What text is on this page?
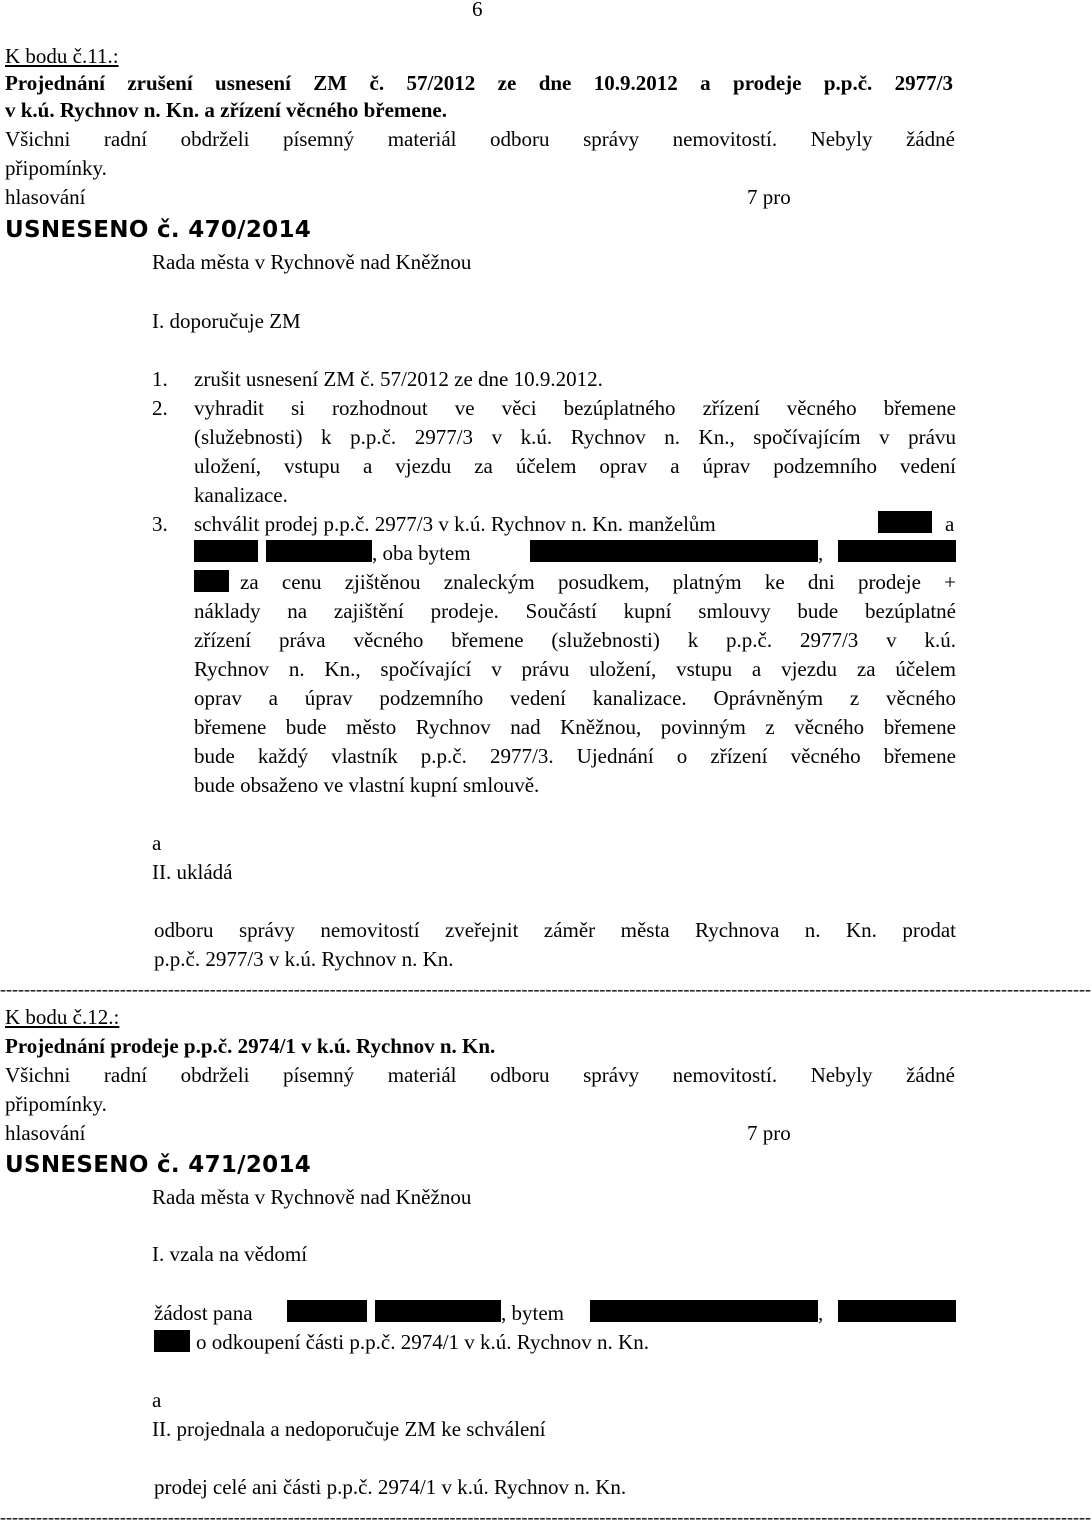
6
K bodu č.11.:
Projednání zrušení usnesení ZM č. 57/2012 ze dne 10.9.2012 a prodeje p.p.č. 2977/3
v k.ú. Rychnov n. Kn. a zřízení věcného břemene.
Všichni radní obdrželi písemný materiál odboru správy nemovitostí. Nebyly žádné
připomínky.
hlasování	7 pro
USNESENO č. 470/2014
Rada města v Rychnově nad Kněžnou
I. doporučuje ZM
1. zrušit usnesení ZM č. 57/2012 ze dne 10.9.2012.
2. vyhradit si rozhodnout ve věci bezúplatného zřízení věcného břemene
(služebnosti) k p.p.č. 2977/3 v k.ú. Rychnov n. Kn., spočívajícím v právu
uložení, vstupu a vjezdu za účelem oprav a úprav podzemního vedení
kanalizace.
3. schválit prodej p.p.č. 2977/3 v k.ú. Rychnov n. Kn. manželům	a
, oba bytem	,
za cenu zjištěnou znaleckým posudkem, platným ke dni prodeje +
náklady na zajištění prodeje. Součástí kupní smlouvy bude bezúplatné
zřízení práva věcného břemene (služebnosti) k p.p.č. 2977/3 v k.ú.
Rychnov n. Kn., spočívající v právu uložení, vstupu a vjezdu za účelem
oprav a úprav podzemního vedení kanalizace. Oprávněným z věcného
břemene bude město Rychnov nad Kněžnou, povinným z věcného břemene
bude každý vlastník p.p.č. 2977/3. Ujednání o zřízení věcného břemene
bude obsaženo ve vlastní kupní smlouvě.
a
II. ukládá
odboru správy nemovitostí zveřejnit záměr města Rychnova n. Kn. prodat
p.p.č. 2977/3 v k.ú. Rychnov n. Kn.
--------------------------------------------------------------------------------------------------------------------------------------------------------------------------------------
K bodu č.12.:
Projednání prodeje p.p.č. 2974/1 v k.ú. Rychnov n. Kn.
Všichni radní obdrželi písemný materiál odboru správy nemovitostí. Nebyly žádné
připomínky.
hlasování	7 pro
USNESENO č. 471/2014
Rada města v Rychnově nad Kněžnou
I. vzala na vědomí
žádost pana	, bytem	,
o odkoupení části p.p.č. 2974/1 v k.ú. Rychnov n. Kn.
a
II. projednala a nedoporučuje ZM ke schválení
prodej celé ani části p.p.č. 2974/1 v k.ú. Rychnov n. Kn.
--------------------------------------------------------------------------------------------------------------------------------------------------------------------------------------
